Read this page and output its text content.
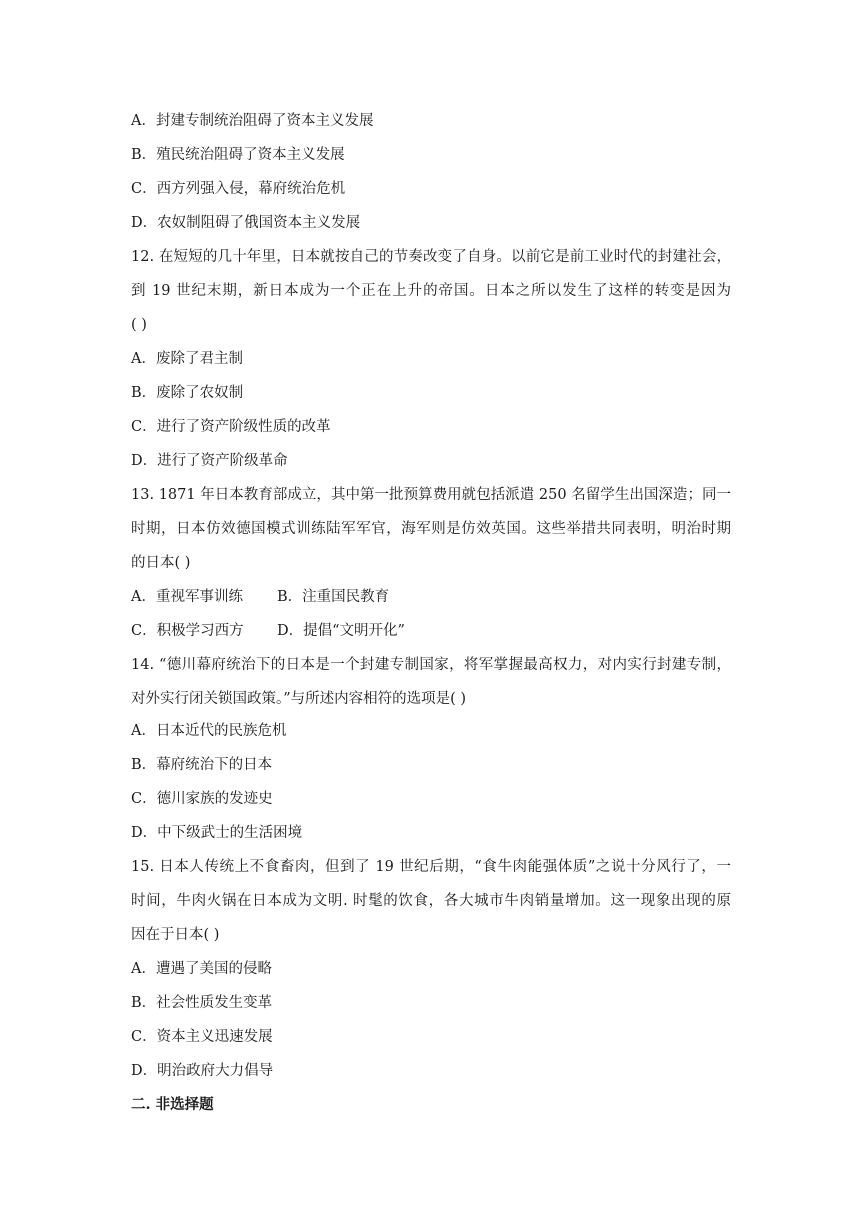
A．封建专制统治阻碍了资本主义发展
B．殖民统治阻碍了资本主义发展
C．西方列强入侵，幕府统治危机
D．农奴制阻碍了俄国资本主义发展
12. 在短短的几十年里，日本就按自己的节奏改变了自身。以前它是前工业时代的封建社会，
到 19 世纪末期，新日本成为一个正在上升的帝国。日本之所以发生了这样的转变是因为
( )
A．废除了君主制
B．废除了农奴制
C．进行了资产阶级性质的改革
D．进行了资产阶级革命
13. 1871 年日本教育部成立，其中第一批预算费用就包括派遣 250 名留学生出国深造；同一
时期，日本仿效德国模式训练陆军军官，海军则是仿效英国。这些举措共同表明，明治时期
的日本( )
A．重视军事训练 B．注重国民教育
C．积极学习西方 D．提倡“文明开化”
14. “德川幕府统治下的日本是一个封建专制国家，将军掌握最高权力，对内实行封建专制，
对外实行闭关锁国政策。”与所述内容相符的选项是( )
A．日本近代的民族危机
B．幕府统治下的日本
C．德川家族的发迹史
D．中下级武士的生活困境
15. 日本人传统上不食畜肉，但到了 19 世纪后期，“食牛肉能强体质”之说十分风行了，一
时间，牛肉火锅在日本成为文明. 时髦的饮食，各大城市牛肉销量增加。这一现象出现的原
因在于日本( )
A．遭遇了美国的侵略
B．社会性质发生变革
C．资本主义迅速发展
D．明治政府大力倡导
二. 非选择题
